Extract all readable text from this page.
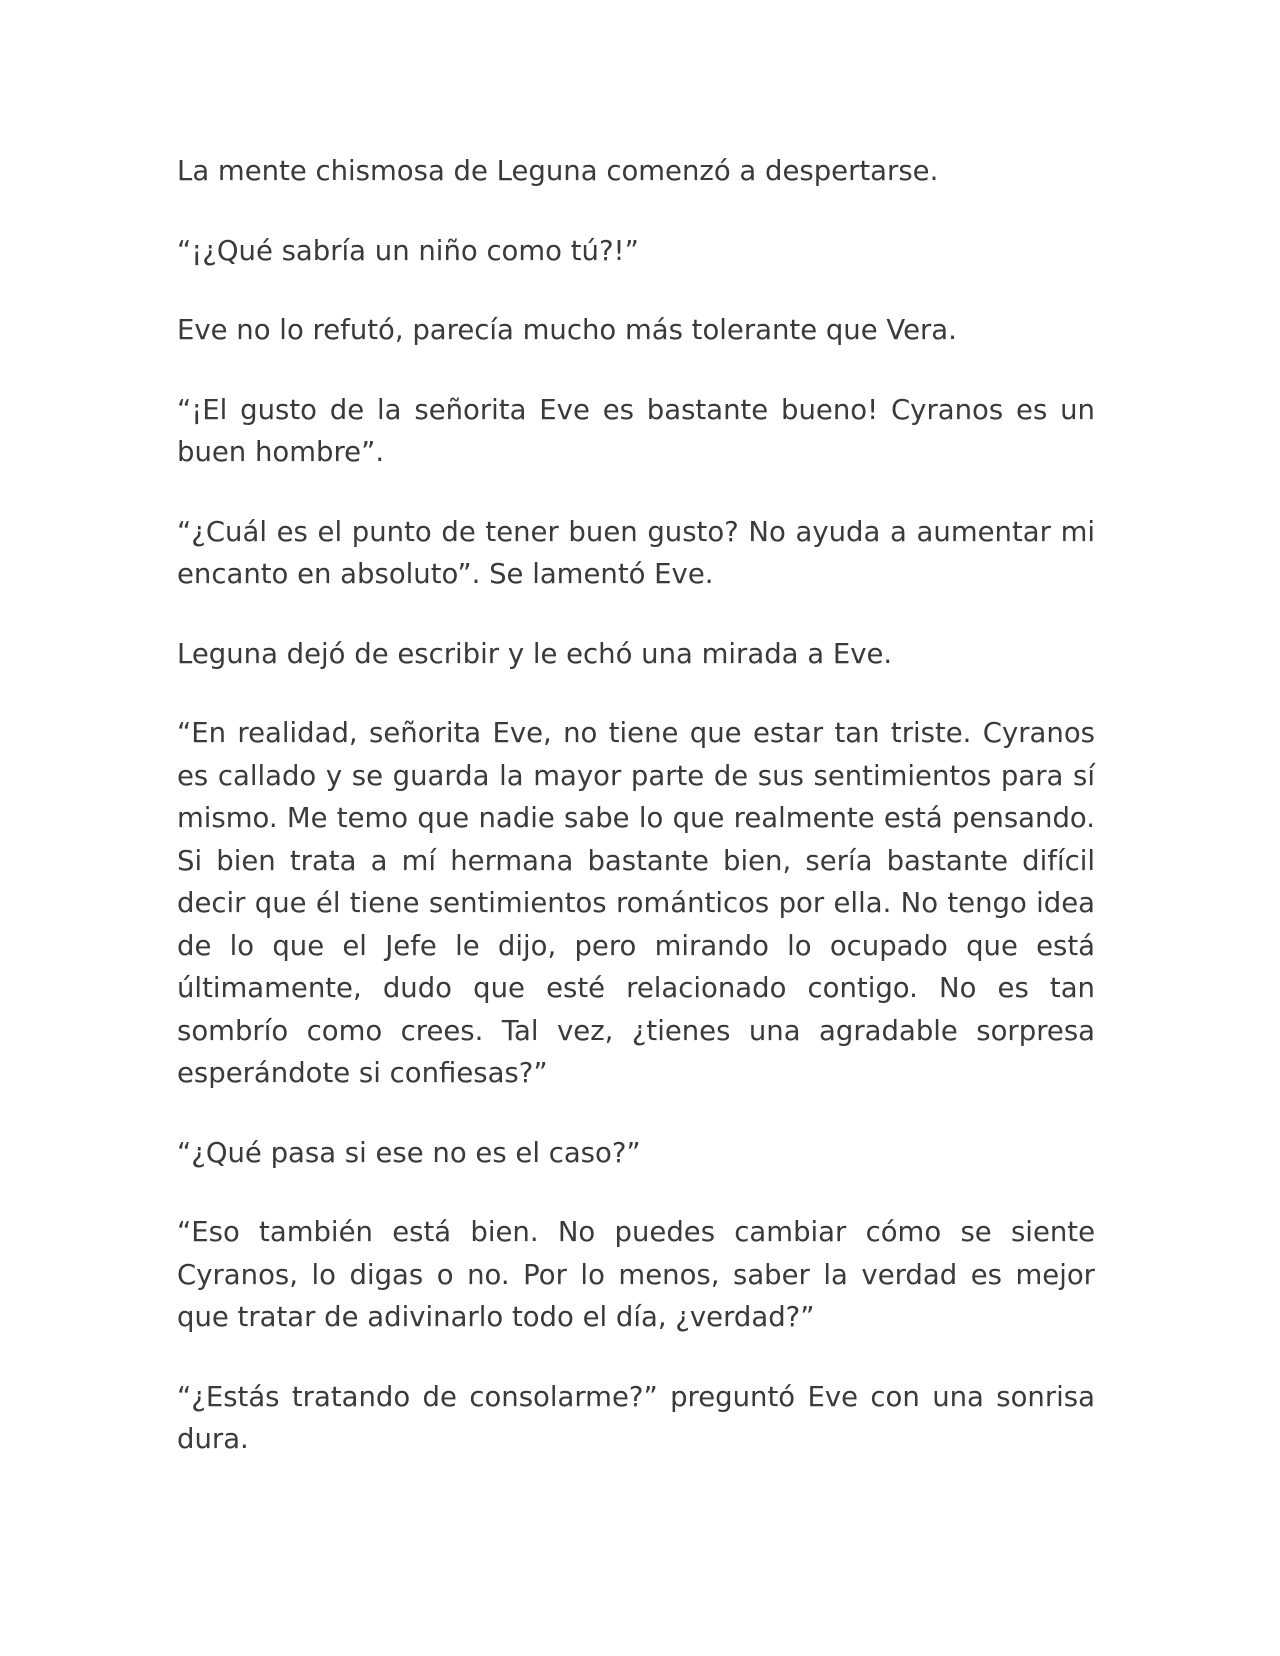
La mente chismosa de Leguna comenzó a despertarse.

“¡¿Qué sabría un niño como tú?!”

Eve no lo refutó, parecía mucho más tolerante que Vera.

“¡El gusto de la señorita Eve es bastante bueno! Cyranos es un buen hombre”.

“¿Cuál es el punto de tener buen gusto? No ayuda a aumentar mi encanto en absoluto”. Se lamentó Eve.

Leguna dejó de escribir y le echó una mirada a Eve.

“En realidad, señorita Eve, no tiene que estar tan triste. Cyranos es callado y se guarda la mayor parte de sus sentimientos para sí mismo. Me temo que nadie sabe lo que realmente está pensando. Si bien trata a mí hermana bastante bien, sería bastante difícil decir que él tiene sentimientos románticos por ella. No tengo idea de lo que el Jefe le dijo, pero mirando lo ocupado que está últimamente, dudo que esté relacionado contigo. No es tan sombrío como crees. Tal vez, ¿tienes una agradable sorpresa esperándote si confiesas?”

“¿Qué pasa si ese no es el caso?”

“Eso también está bien. No puedes cambiar cómo se siente Cyranos, lo digas o no. Por lo menos, saber la verdad es mejor que tratar de adivinarlo todo el día, ¿verdad?”

“¿Estás tratando de consolarme?” preguntó Eve con una sonrisa dura.
